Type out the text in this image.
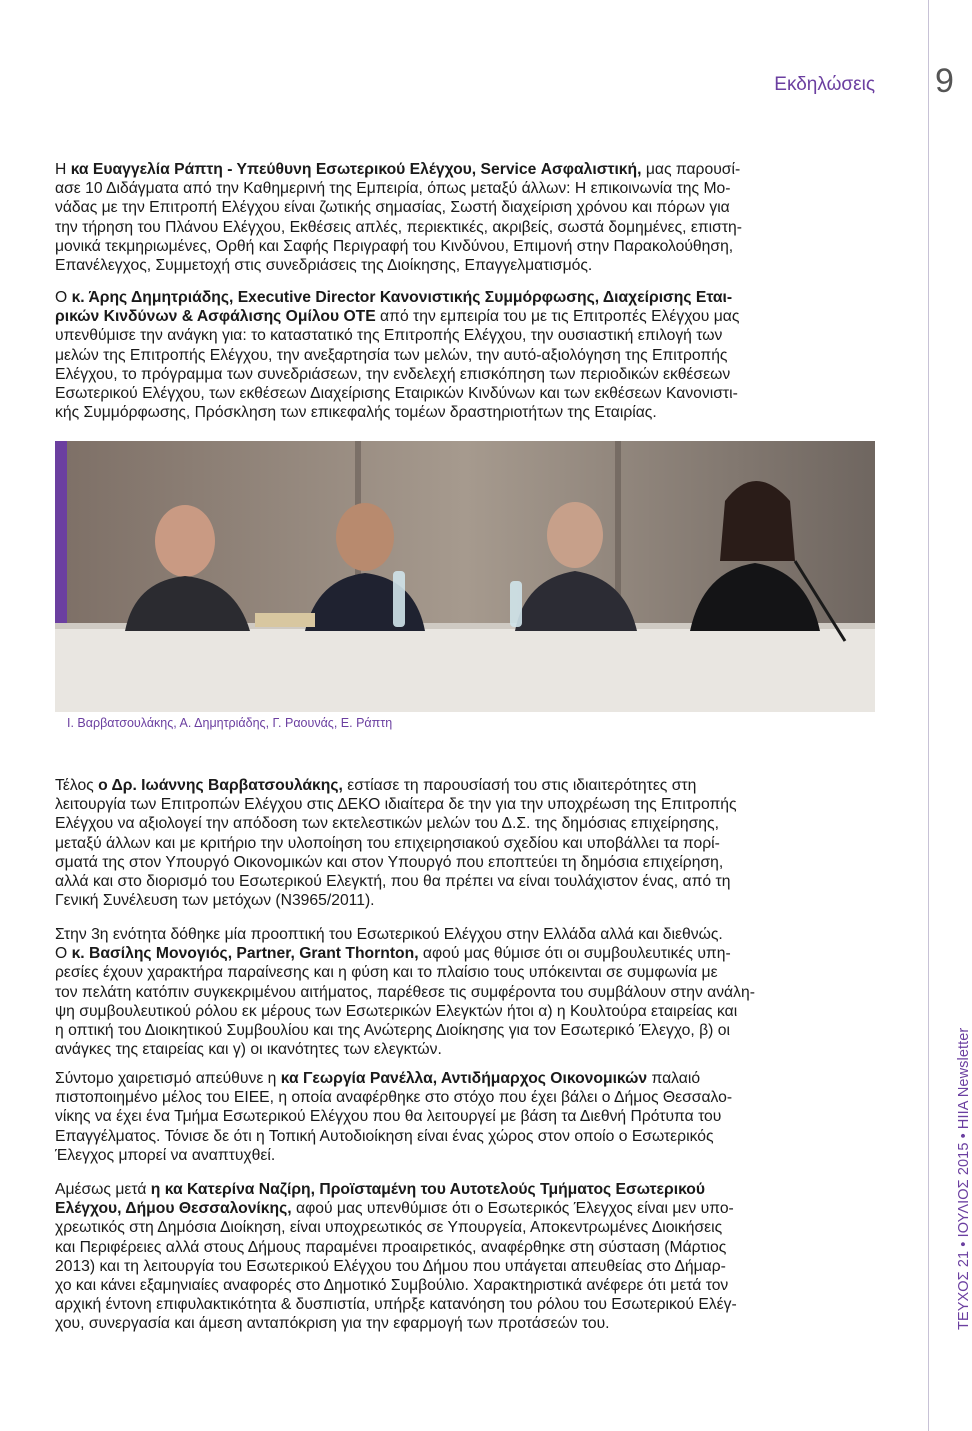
Εκδηλώσεις 9
ΤΕΥΧΟΣ 21 • ΙΟΥΛΙΟΣ 2015 • HIIA Newsletter
Η κα Ευαγγελία Ράπτη - Υπεύθυνη Εσωτερικού Ελέγχου, Service Ασφαλιστική, μας παρουσί-
ασε 10 Διδάγματα από την Καθημερινή της Εμπειρία, όπως μεταξύ άλλων: Η επικοινωνία της Μο-
νάδας με την Επιτροπή Ελέγχου είναι ζωτικής σημασίας, Σωστή διαχείριση χρόνου και πόρων για
την τήρηση του Πλάνου Ελέγχου, Εκθέσεις απλές, περιεκτικές, ακριβείς, σωστά δομημένες, επιστη-
μονικά τεκμηριωμένες, Ορθή και Σαφής Περιγραφή του Κινδύνου, Επιμονή στην Παρακολούθηση,
Επανέλεγχος, Συμμετοχή στις συνεδριάσεις της Διοίκησης, Επαγγελματισμός.
Ο κ. Άρης Δημητριάδης, Executive Director Κανονιστικής Συμμόρφωσης, Διαχείρισης Εται-
ρικών Κινδύνων & Ασφάλισης Ομίλου ΟΤΕ από την εμπειρία του με τις Επιτροπές Ελέγχου μας
υπενθύμισε την ανάγκη για: το καταστατικό της Επιτροπής Ελέγχου, την ουσιαστική επιλογή των
μελών της Επιτροπής Ελέγχου, την ανεξαρτησία των μελών, την αυτό-αξιολόγηση της Επιτροπής
Ελέγχου, το πρόγραμμα των συνεδριάσεων, την ενδελεχή επισκόπηση των περιοδικών εκθέσεων
Εσωτερικού Ελέγχου, των εκθέσεων Διαχείρισης Εταιρικών Κινδύνων και των εκθέσεων Κανονιστι-
κής Συμμόρφωσης, Πρόσκληση των επικεφαλής τομέων δραστηριοτήτων της Εταιρίας.
Ι. Βαρβατσουλάκης, Α. Δημητριάδης, Γ. Ραουνάς, Ε. Ράπτη
Τέλος ο Δρ. Ιωάννης Βαρβατσουλάκης, εστίασε τη παρουσίασή του στις ιδιαιτερότητες στη
λειτουργία των Επιτροπών Ελέγχου στις ΔΕΚΟ ιδιαίτερα δε την για την υποχρέωση της Επιτροπής
Ελέγχου να αξιολογεί την απόδοση των εκτελεστικών μελών του Δ.Σ. της δημόσιας επιχείρησης,
μεταξύ άλλων και με κριτήριο την υλοποίηση του επιχειρησιακού σχεδίου και υποβάλλει τα πορί-
σματά της στον Υπουργό Οικονομικών και στον Υπουργό που εποπτεύει τη δημόσια επιχείρηση,
αλλά και στο διορισμό του Εσωτερικού Ελεγκτή, που θα πρέπει να είναι τουλάχιστον ένας, από τη
Γενική Συνέλευση των μετόχων (Ν3965/2011).
Στην 3η ενότητα δόθηκε μία προοπτική του Εσωτερικού Ελέγχου στην Ελλάδα αλλά και διεθνώς.
Ο κ. Βασίλης Μονογιός, Partner, Grant Thornton, αφού μας θύμισε ότι οι συμβουλευτικές υπη-
ρεσίες έχουν χαρακτήρα παραίνεσης και η φύση και το πλαίσιο τους υπόκεινται σε συμφωνία με
τον πελάτη κατόπιν συγκεκριμένου αιτήματος, παρέθεσε τις συμφέροντα του συμβάλουν στην ανάλη-
ψη συμβουλευτικού ρόλου εκ μέρους των Εσωτερικών Ελεγκτών ήτοι α) η Κουλτούρα εταιρείας και
η οπτική του Διοικητικού Συμβουλίου και της Ανώτερης Διοίκησης για τον Εσωτερικό Έλεγχο, β) οι
ανάγκες της εταιρείας και γ) οι ικανότητες των ελεγκτών.
Σύντομο χαιρετισμό απεύθυνε η κα Γεωργία Ρανέλλα, Αντιδήμαρχος Οικονομικών παλαιό
πιστοποιημένο μέλος του ΕΙΕΕ, η οποία αναφέρθηκε στο στόχο που έχει βάλει ο Δήμος Θεσσαλο-
νίκης να έχει ένα Τμήμα Εσωτερικού Ελέγχου που θα λειτουργεί με βάση τα Διεθνή Πρότυπα του
Επαγγέλματος. Τόνισε δε ότι η Τοπική Αυτοδιοίκηση είναι ένας χώρος στον οποίο ο Εσωτερικός
Έλεγχος μπορεί να αναπτυχθεί.
Αμέσως μετά η κα Κατερίνα Ναζίρη, Προϊσταμένη του Αυτοτελούς Τμήματος Εσωτερικού
Ελέγχου, Δήμου Θεσσαλονίκης, αφού μας υπενθύμισε ότι ο Εσωτερικός Έλεγχος είναι μεν υπο-
χρεωτικός στη Δημόσια Διοίκηση, είναι υποχρεωτικός σε Υπουργεία, Αποκεντρωμένες Διοικήσεις
και Περιφέρειες αλλά στους Δήμους παραμένει προαιρετικός, αναφέρθηκε στη σύσταση (Μάρτιος
2013) και τη λειτουργία του Εσωτερικού Ελέγχου του Δήμου που υπάγεται απευθείας στο Δήμαρ-
χο και κάνει εξαμηνιαίες αναφορές στο Δημοτικό Συμβούλιο. Χαρακτηριστικά ανέφερε ότι μετά τον
αρχική έντονη επιφυλακτικότητα & δυσπιστία, υπήρξε κατανόηση του ρόλου του Εσωτερικού Ελέγ-
χου, συνεργασία και άμεση ανταπόκριση για την εφαρμογή των προτάσεών του.
